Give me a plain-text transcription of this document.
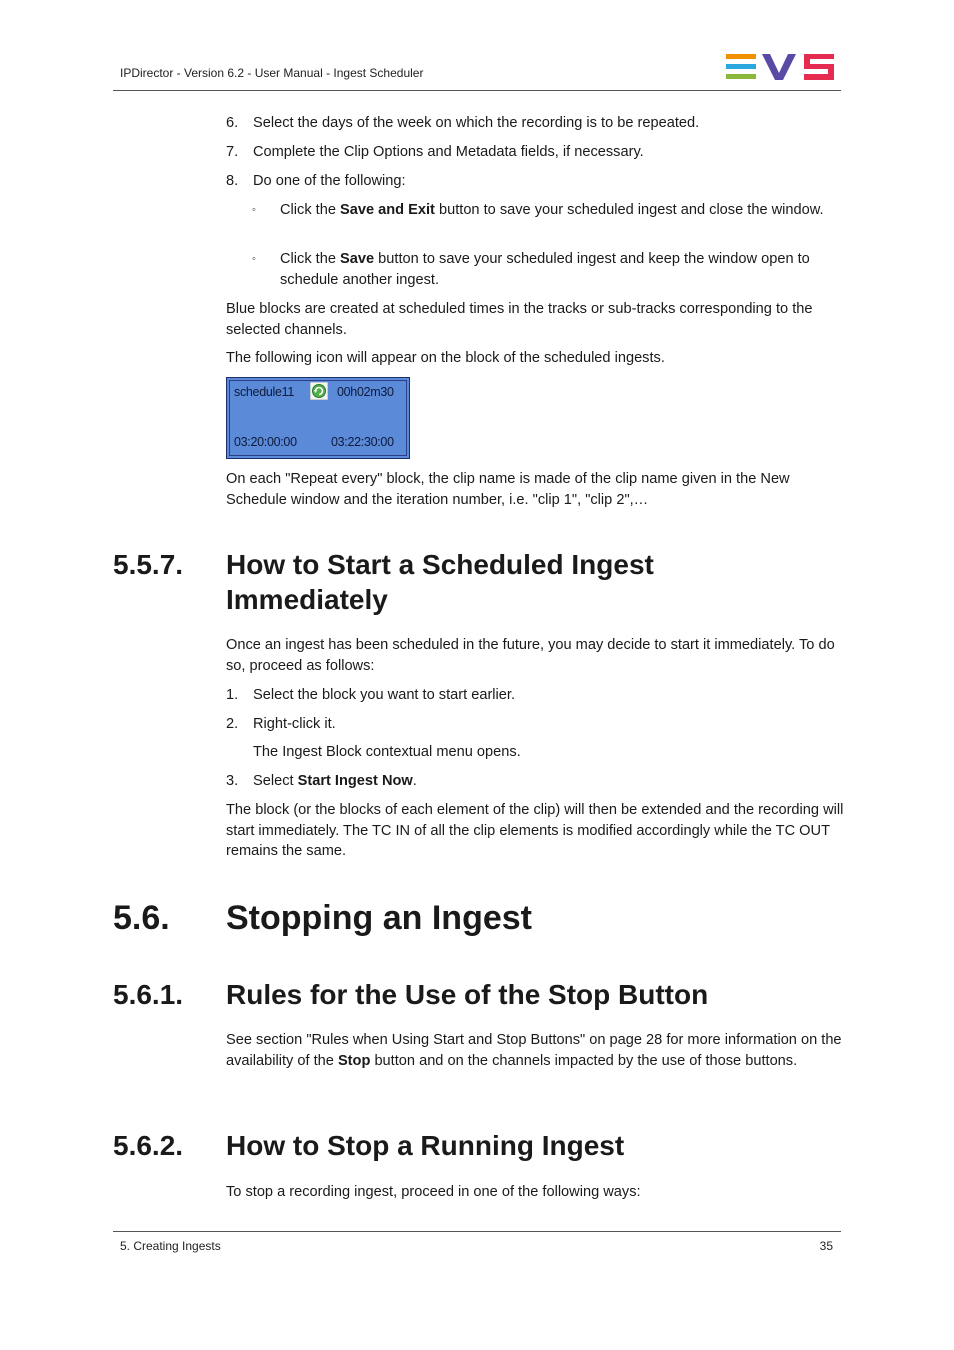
IPDirector - Version 6.2 - User Manual - Ingest Scheduler
6.	Select the days of the week on which the recording is to be repeated.
7.	Complete the Clip Options and Metadata fields, if necessary.
8.	Do one of the following:
◦ Click the Save and Exit button to save your scheduled ingest and close the window.
◦ Click the Save button to save your scheduled ingest and keep the window open to schedule another ingest.
Blue blocks are created at scheduled times in the tracks or sub-tracks corresponding to the selected channels.
The following icon will appear on the block of the scheduled ingests.
schedule11	00h02m30
03:20:00:00	03:22:30:00
On each "Repeat every" block, the clip name is made of the clip name given in the New Schedule window and the iteration number, i.e. "clip 1", "clip 2",…
5.5.7. How to Start a Scheduled Ingest Immediately
Once an ingest has been scheduled in the future, you may decide to start it immediately. To do so, proceed as follows:
1.	Select the block you want to start earlier.
2.	Right-click it.
The Ingest Block contextual menu opens.
3.	Select Start Ingest Now.
The block (or the blocks of each element of the clip) will then be extended and the recording will start immediately. The TC IN of all the clip elements is modified accordingly while the TC OUT remains the same.
5.6. Stopping an Ingest
5.6.1. Rules for the Use of the Stop Button
See section "Rules when Using Start and Stop Buttons" on page 28 for more information on the availability of the Stop button and on the channels impacted by the use of those buttons.
5.6.2. How to Stop a Running Ingest
To stop a recording ingest, proceed in one of the following ways:
5. Creating Ingests	35
